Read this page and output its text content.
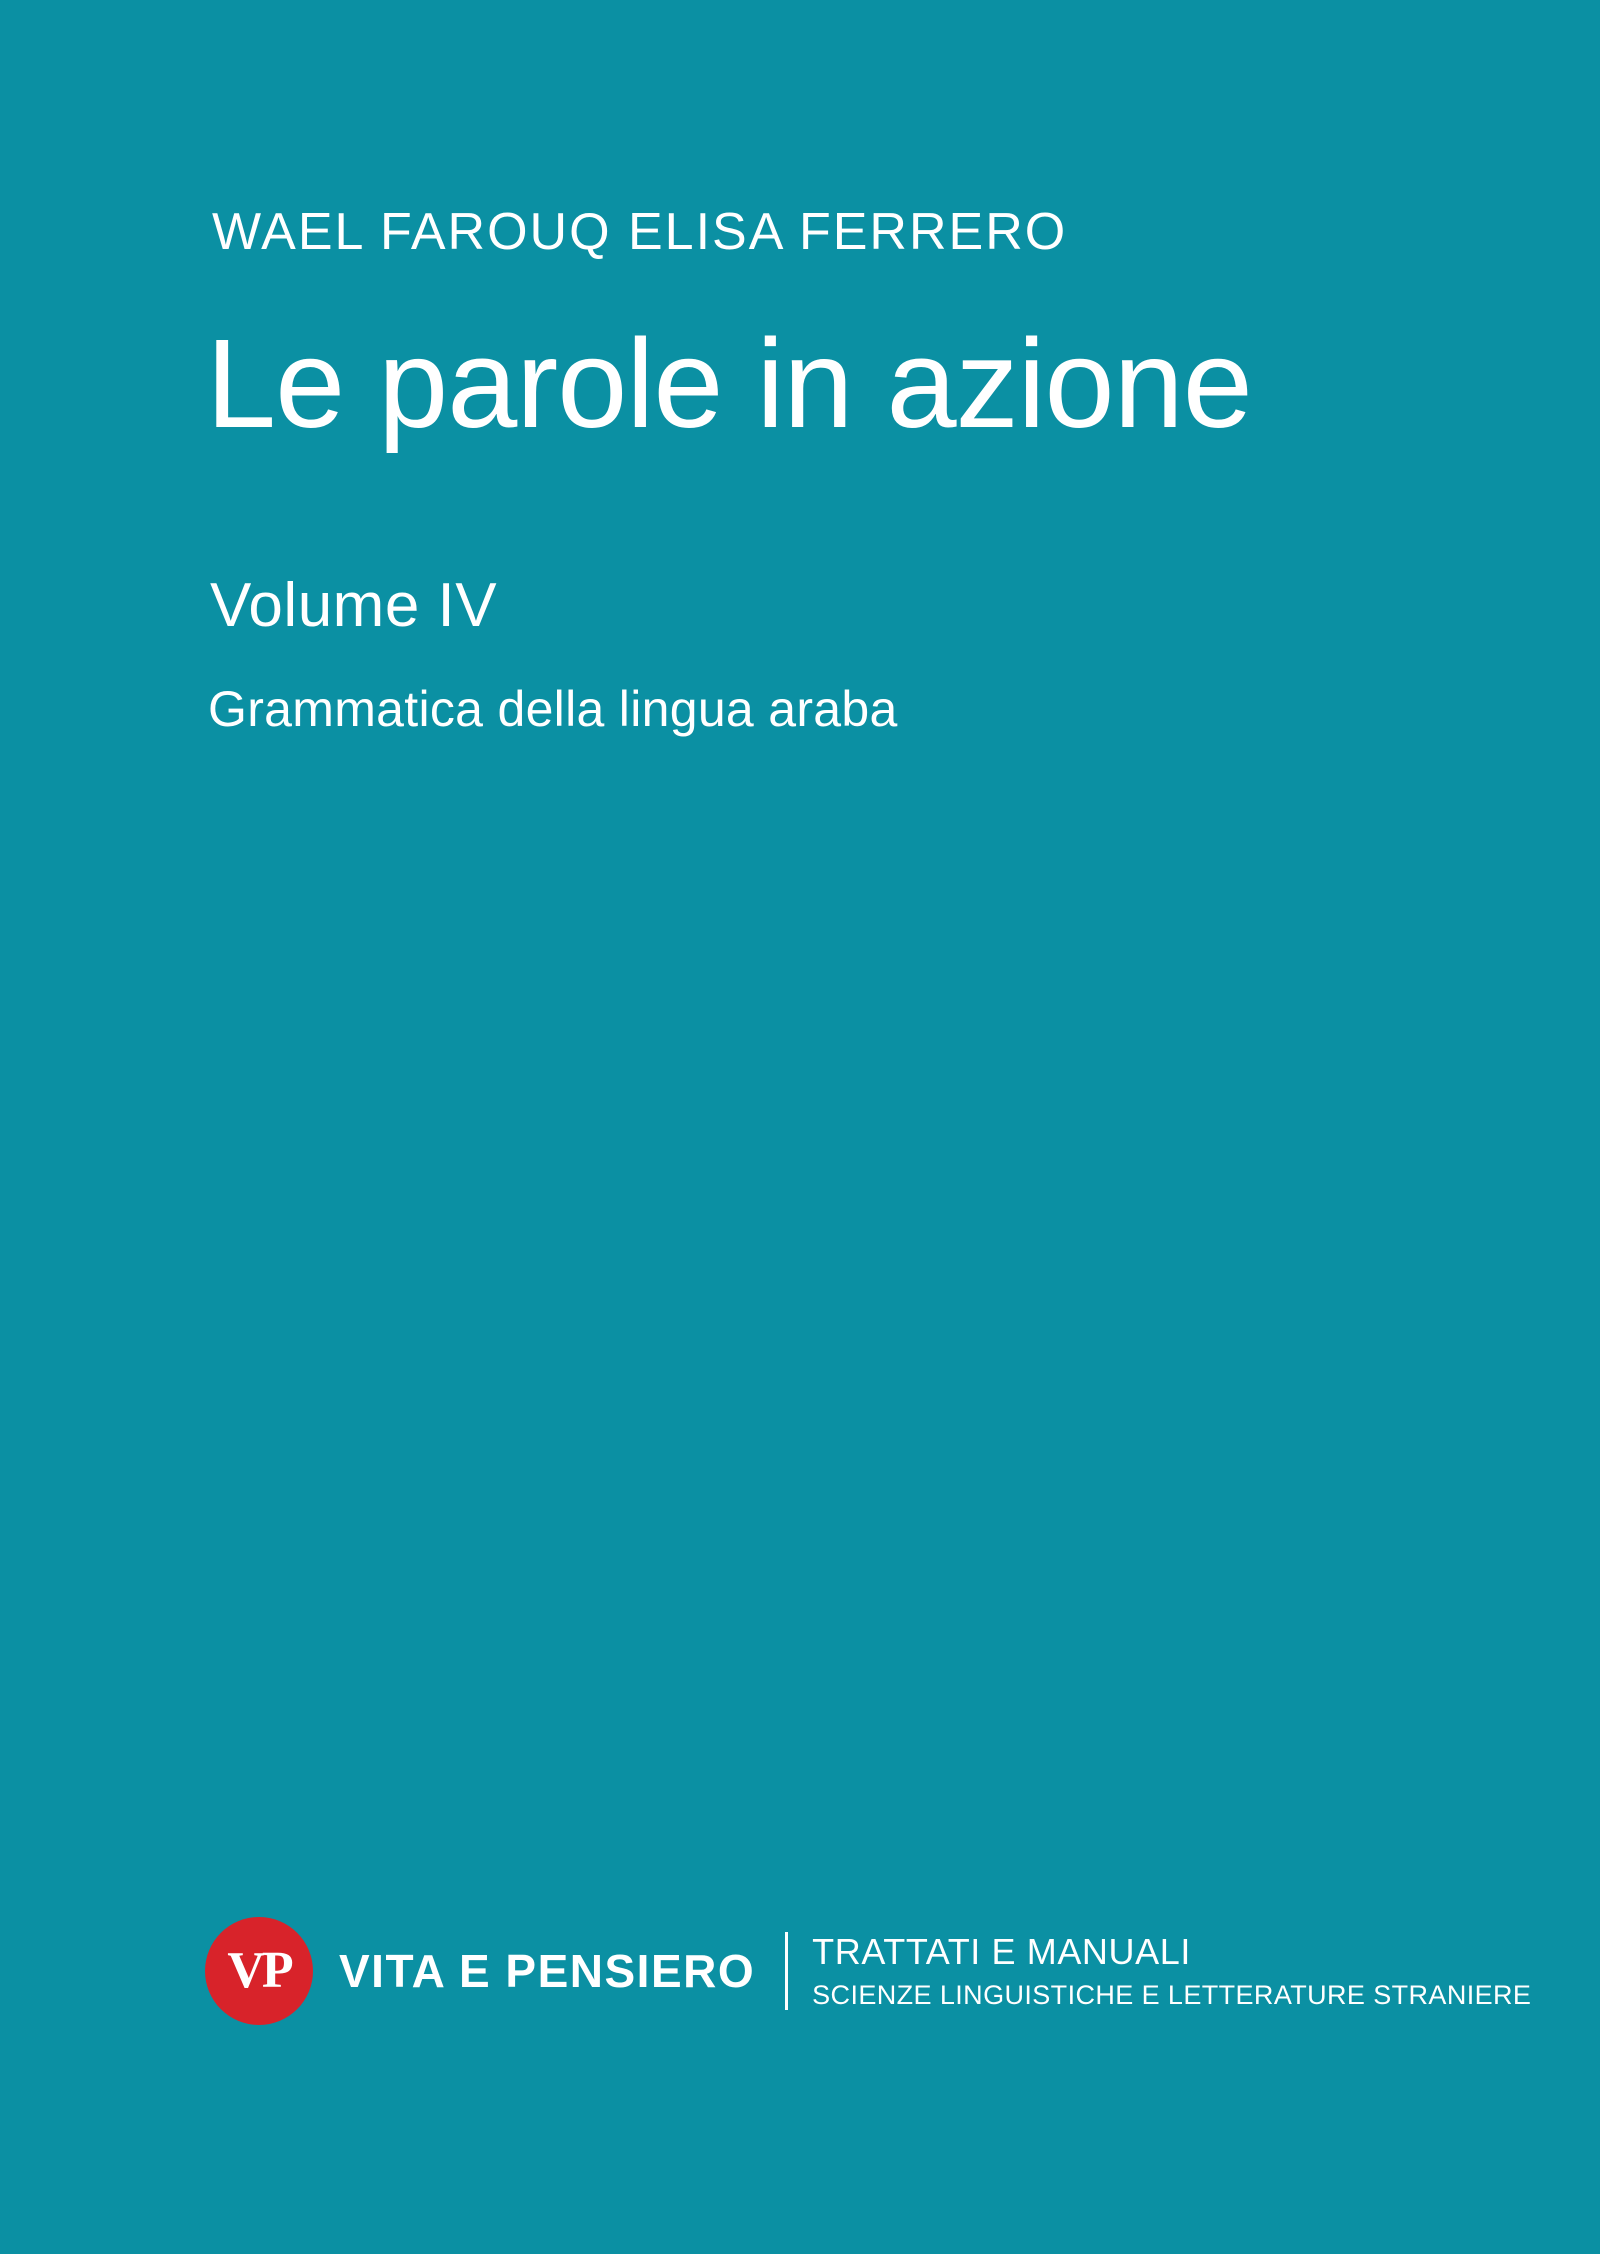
WAEL FAROUQ ELISA FERRERO
Le parole in azione
Volume IV
Grammatica della lingua araba
VP VITA E PENSIERO TRATTATI E MANUALI
SCIENZE LINGUISTICHE E LETTERATURE STRANIERE
